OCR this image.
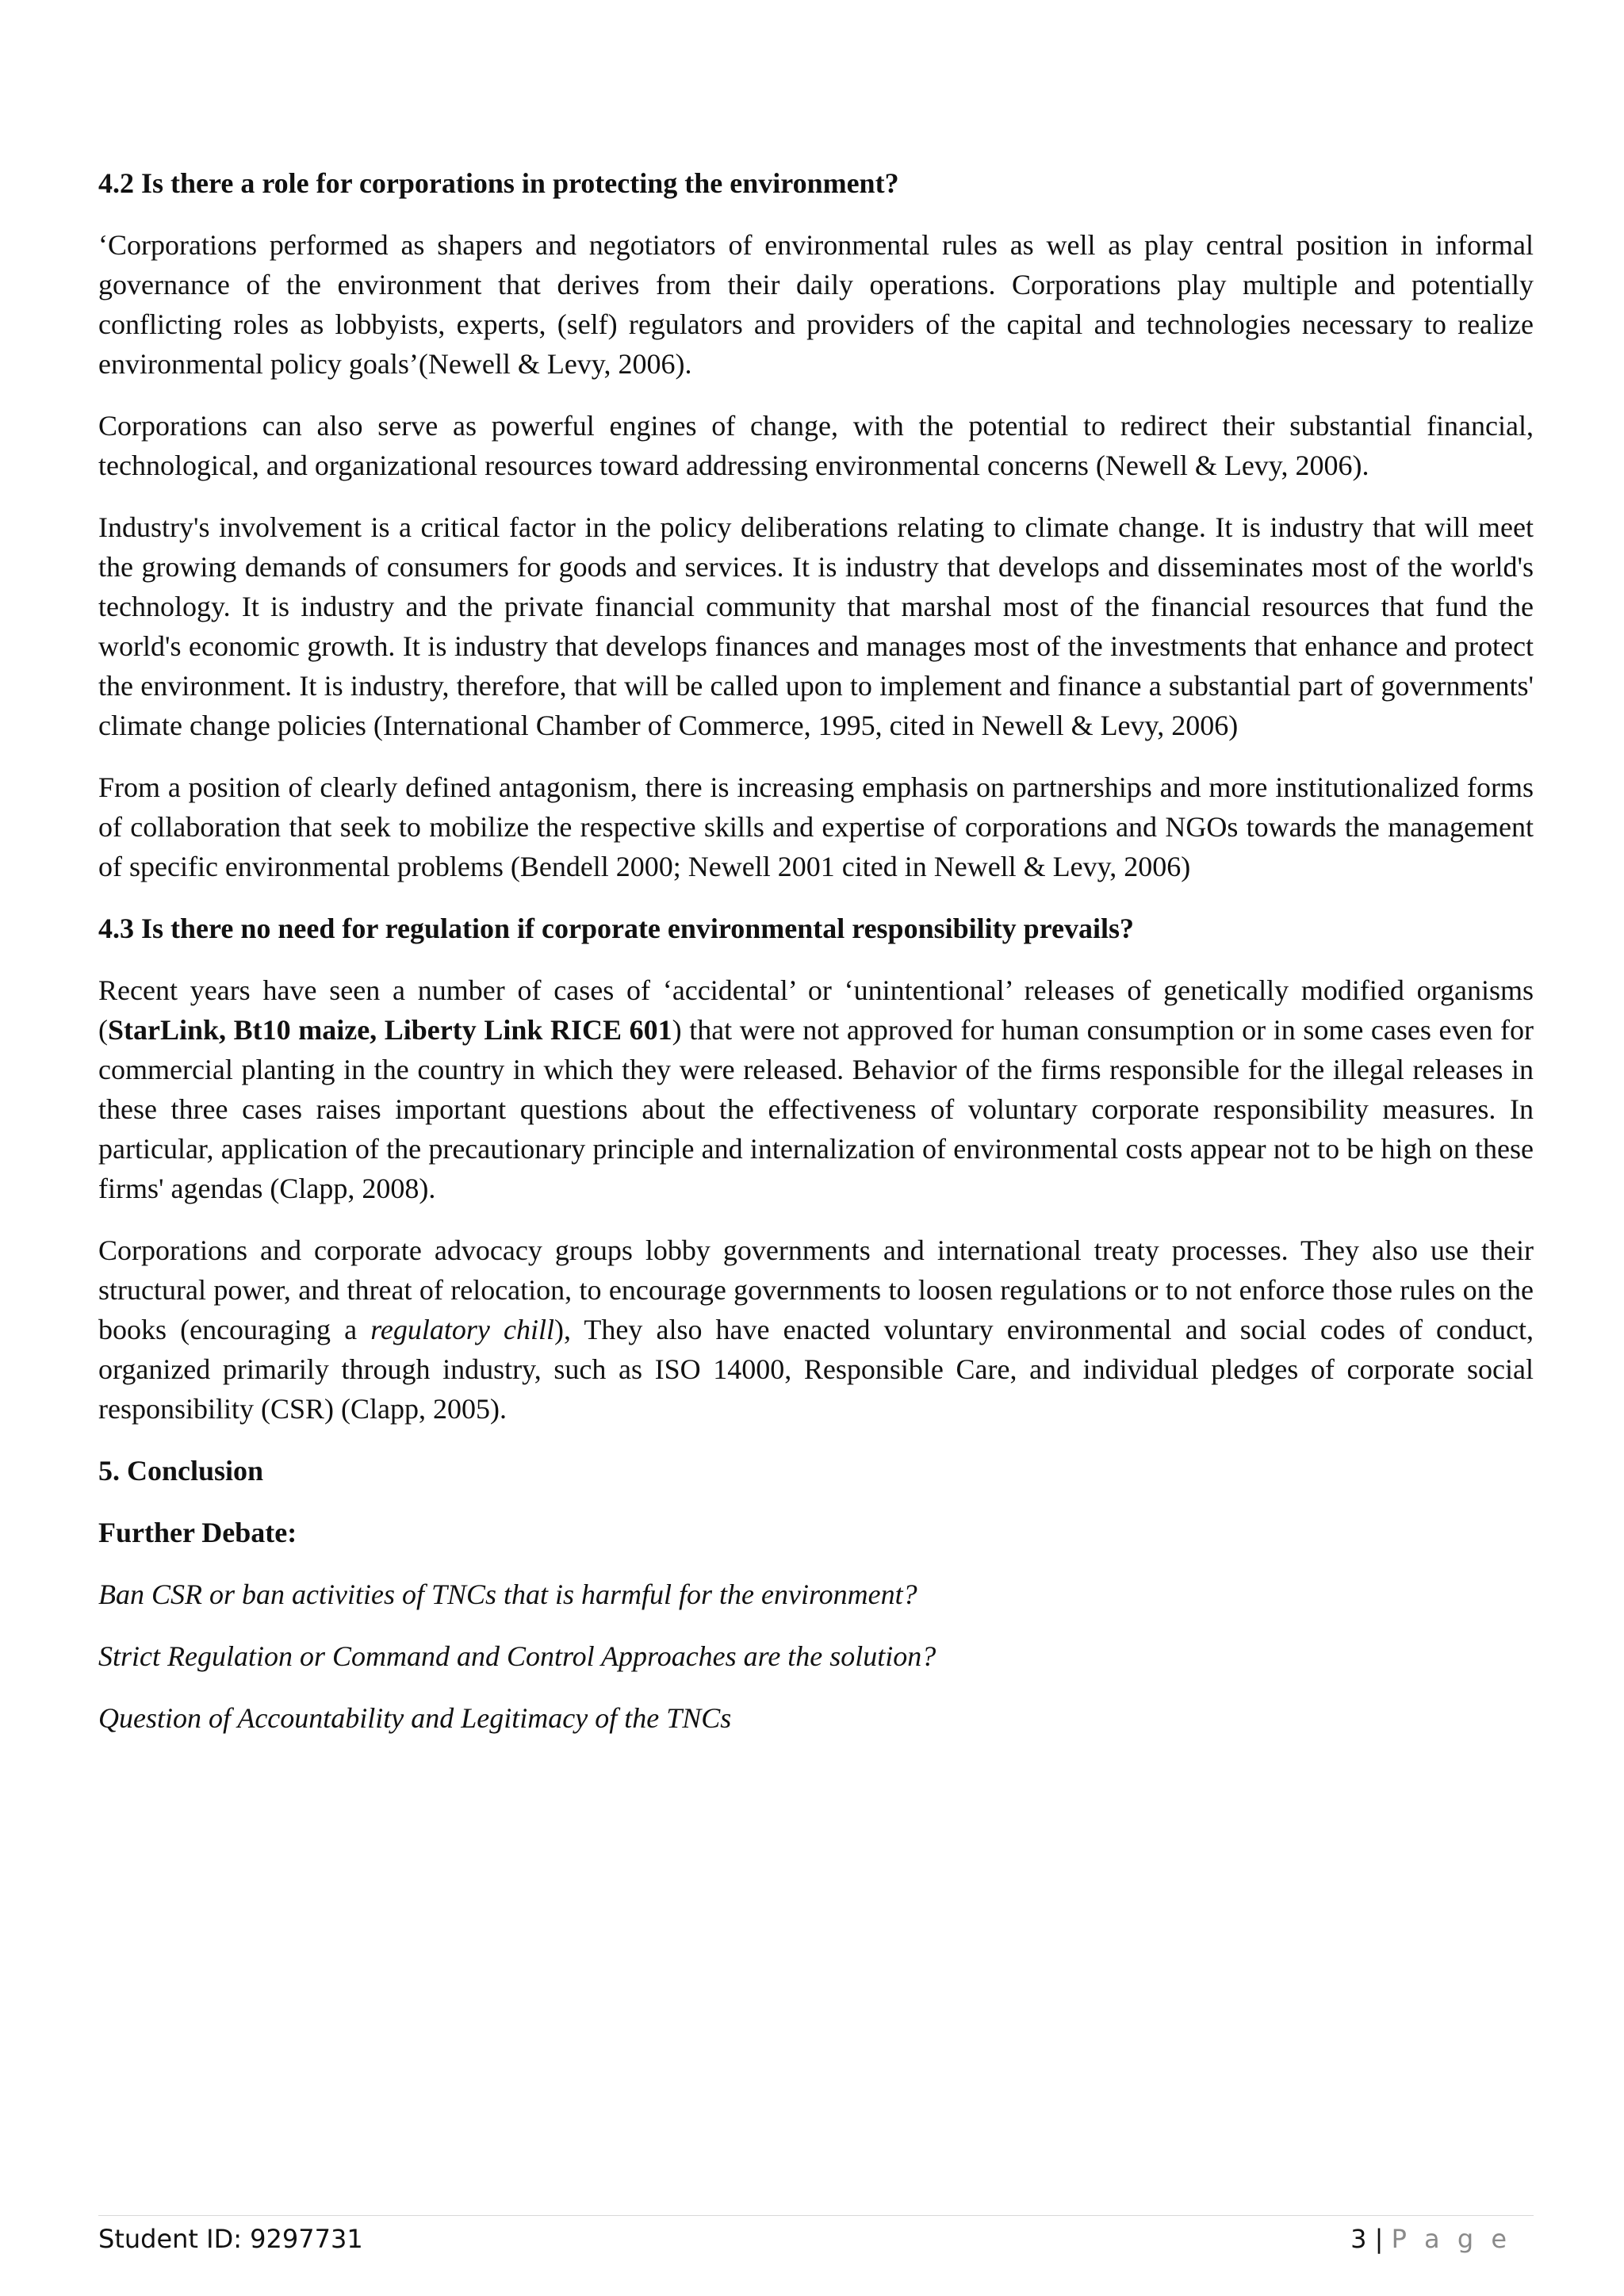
4.2 Is there a role for corporations in protecting the environment?
‘Corporations performed as shapers and negotiators of environmental rules as well as play central position in informal governance of the environment that derives from their daily operations. Corporations play multiple and potentially conflicting roles as lobbyists, experts, (self) regulators and providers of the capital and technologies necessary to realize environmental policy goals’(Newell & Levy, 2006).
Corporations can also serve as powerful engines of change, with the potential to redirect their substantial financial, technological, and organizational resources toward addressing environmental concerns (Newell & Levy, 2006).
Industry's involvement is a critical factor in the policy deliberations relating to climate change. It is industry that will meet the growing demands of consumers for goods and services. It is industry that develops and disseminates most of the world's technology. It is industry and the private financial community that marshal most of the financial resources that fund the world's economic growth. It is industry that develops finances and manages most of the investments that enhance and protect the environment. It is industry, therefore, that will be called upon to implement and finance a substantial part of governments' climate change policies (International Chamber of Commerce, 1995, cited in Newell & Levy, 2006)
From a position of clearly defined antagonism, there is increasing emphasis on partnerships and more institutionalized forms of collaboration that seek to mobilize the respective skills and expertise of corporations and NGOs towards the management of specific environmental problems (Bendell 2000; Newell 2001 cited in Newell & Levy, 2006)
4.3 Is there no need for regulation if corporate environmental responsibility prevails?
Recent years have seen a number of cases of ‘accidental’ or ‘unintentional’ releases of genetically modified organisms (StarLink, Bt10 maize, Liberty Link RICE 601) that were not approved for human consumption or in some cases even for commercial planting in the country in which they were released. Behavior of the firms responsible for the illegal releases in these three cases raises important questions about the effectiveness of voluntary corporate responsibility measures. In particular, application of the precautionary principle and internalization of environmental costs appear not to be high on these firms' agendas (Clapp, 2008).
Corporations and corporate advocacy groups lobby governments and international treaty processes. They also use their structural power, and threat of relocation, to encourage governments to loosen regulations or to not enforce those rules on the books (encouraging a regulatory chill), They also have enacted voluntary environmental and social codes of conduct, organized primarily through industry, such as ISO 14000, Responsible Care, and individual pledges of corporate social responsibility (CSR) (Clapp, 2005).
5. Conclusion
Further Debate:
Ban CSR or ban activities of TNCs that is harmful for the environment?
Strict Regulation or Command and Control Approaches are the solution?
Question of Accountability and Legitimacy of the TNCs
Student ID: 9297731	3 | P a g e
